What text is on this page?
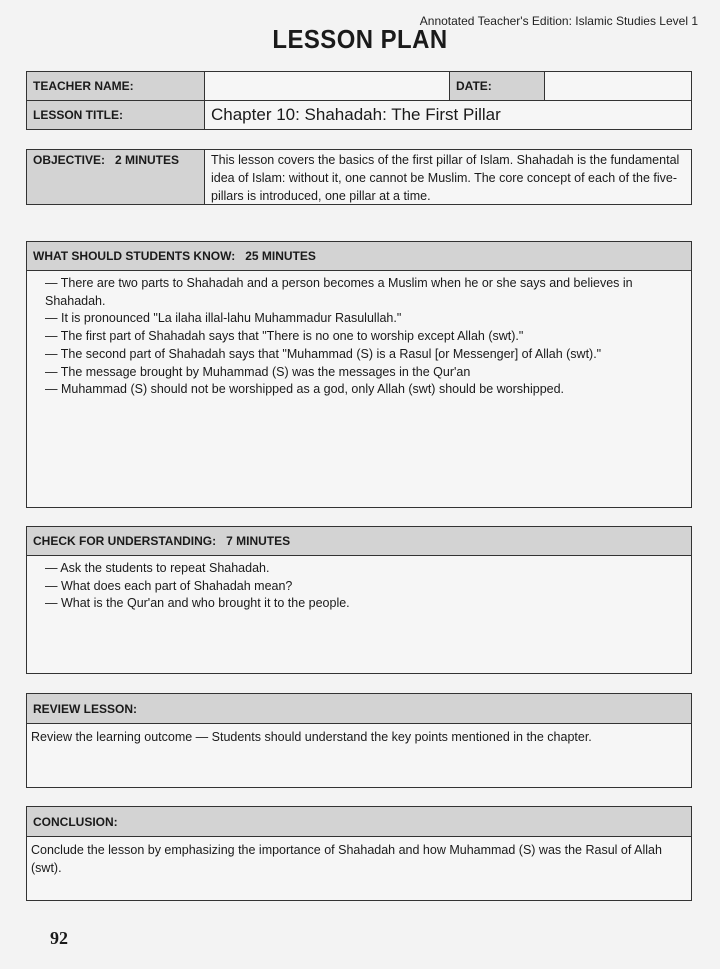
Annotated Teacher's Edition: Islamic Studies Level 1
LESSON PLAN
TEACHER NAME:		DATE:	
LESSON TITLE:	Chapter 10: Shahadah: The First Pillar		
OBJECTIVE:   2 MINUTES	This lesson covers the basics of the first pillar of Islam. Shahadah is the fundamental idea of Islam: without it, one cannot be Muslim. The core concept of each of the five-pillars is introduced, one pillar at a time.
WHAT SHOULD STUDENTS KNOW:   25 MINUTES
— There are two parts to Shahadah and a person becomes a Muslim when he or she says and believes in
Shahadah.
— It is pronounced "La ilaha illal-lahu Muhammadur Rasulullah."
— The first part of Shahadah says that "There is no one to worship except Allah (swt)."
— The second part of Shahadah says that "Muhammad (S) is a Rasul [or Messenger] of Allah (swt)."
— The message brought by Muhammad (S) was the messages in the Qur'an
— Muhammad (S) should not be worshipped as a god, only Allah (swt) should be worshipped.
CHECK FOR UNDERSTANDING:   7 MINUTES
— Ask the students to repeat Shahadah.
— What does each part of Shahadah mean?
— What is the Qur'an and who brought it to the people.
REVIEW LESSON:
Review the learning outcome — Students should understand the key points mentioned in the chapter.
CONCLUSION:
Conclude the lesson by emphasizing the importance of Shahadah and how Muhammad (S) was the Rasul of Allah (swt).
92
